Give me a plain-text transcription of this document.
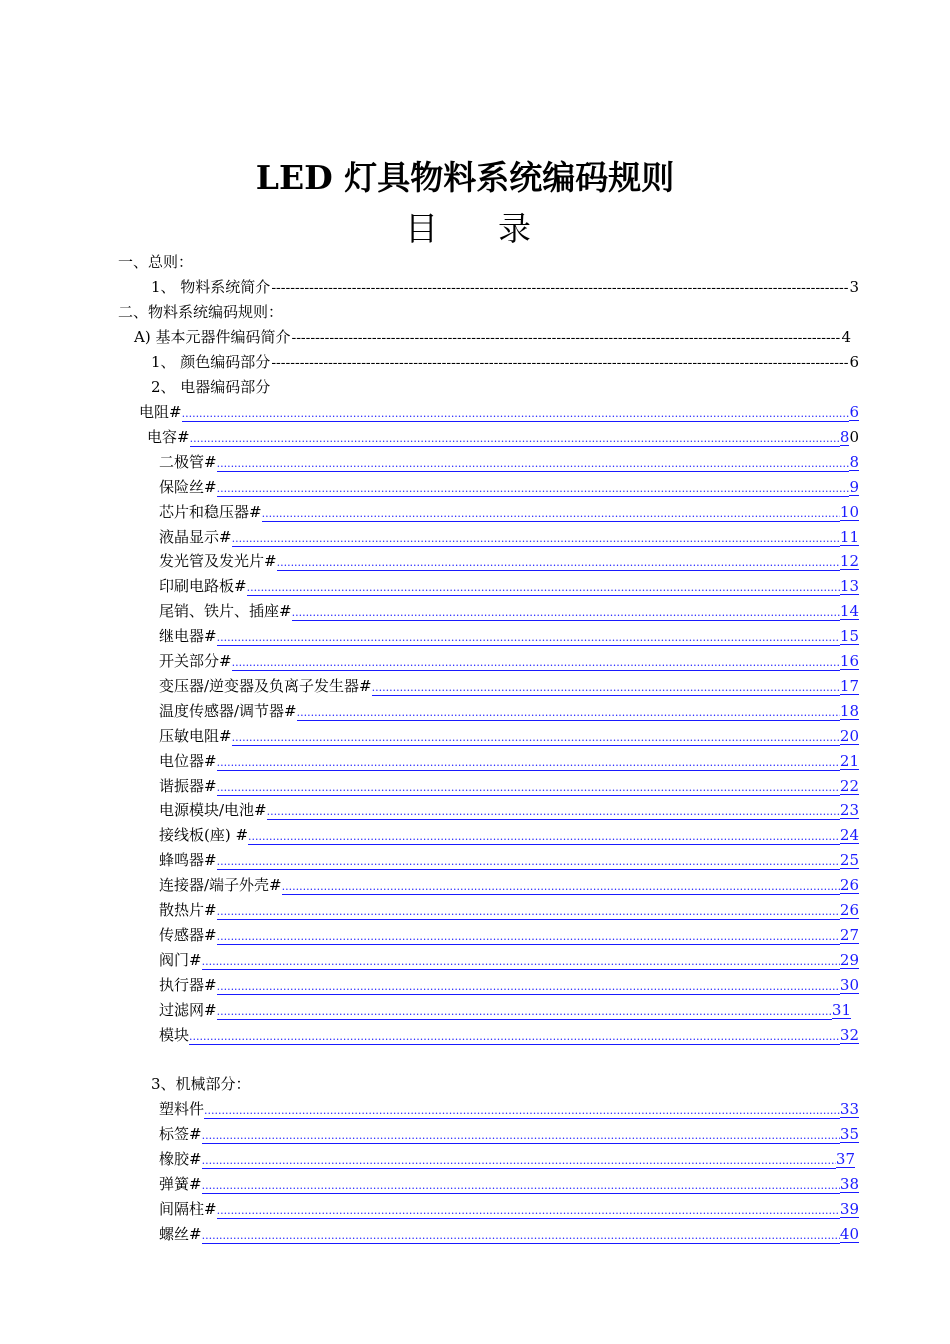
LED 灯具物料系统编码规则
目 录
一、总则：
1、 物料系统简介 -----	3
二、物料系统编码规则：
A) 基本元器件编码简介 -----	4
1、 颜色编码部分 -----	6
2、 电器编码部分
电阻# .....	6
电容# .....	8 0
二极管# .....	8
保险丝# .....	9
芯片和稳压器# .....	10
液晶显示# .....	11
发光管及发光片# .....	12
印刷电路板# .....	13
尾销、铁片、插座# .....	14
继电器# .....	15
开关部分# .....	16
变压器/逆变器及负离子发生器# .....	17
温度传感器/调节器# .....	18
压敏电阻# .....	20
电位器# .....	21
谐振器# .....	22
电源模块/电池# .....	23
接线板(座) # .....	24
蜂鸣器# .....	25
连接器/端子外壳# .....	26
散热片# .....	26
传感器# .....	27
阀门# .....	29
执行器# .....	30
过滤网# .....	31
模块 .....	32
3、机械部分：
塑料件 .....	33
标签# .....	35
橡胶# .....	37
弹簧# .....	38
间隔柱# .....	39
螺丝# .....	40
